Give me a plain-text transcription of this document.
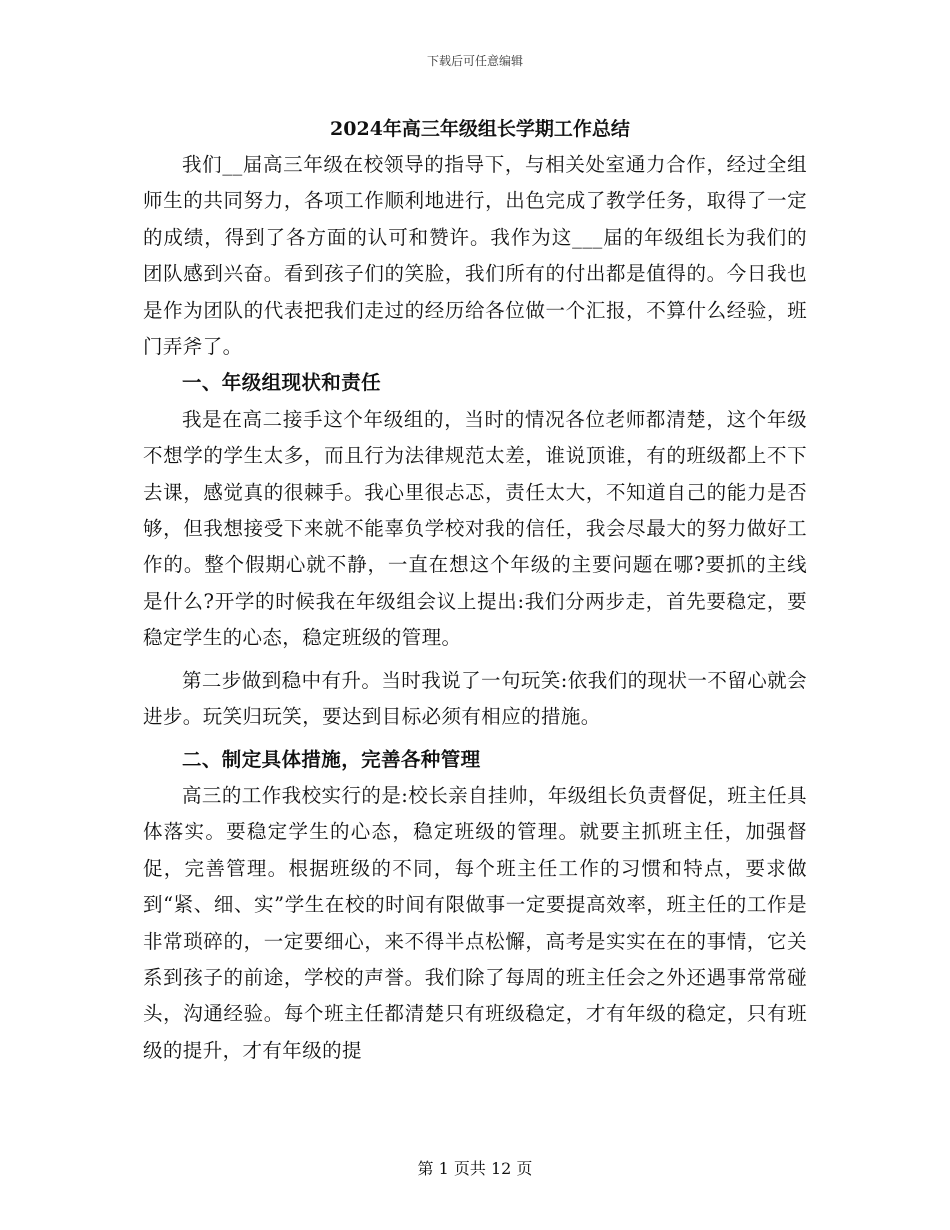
下载后可任意编辑
2024年高三年级组长学期工作总结

我们__届高三年级在校领导的指导下，与相关处室通力合作，经过全组师生的共同努力，各项工作顺利地进行，出色完成了教学任务，取得了一定的成绩，得到了各方面的认可和赞许。我作为这___届的年级组长为我们的团队感到兴奋。看到孩子们的笑脸，我们所有的付出都是值得的。今日我也是作为团队的代表把我们走过的经历给各位做一个汇报，不算什么经验，班门弄斧了。

一、年级组现状和责任

我是在高二接手这个年级组的，当时的情况各位老师都清楚，这个年级不想学的学生太多，而且行为法律规范太差，谁说顶谁，有的班级都上不下去课，感觉真的很棘手。我心里很忐忑，责任太大，不知道自己的能力是否够，但我想接受下来就不能辜负学校对我的信任，我会尽最大的努力做好工作的。整个假期心就不静，一直在想这个年级的主要问题在哪?要抓的主线是什么?开学的时候我在年级组会议上提出:我们分两步走，首先要稳定，要稳定学生的心态，稳定班级的管理。

第二步做到稳中有升。当时我说了一句玩笑:依我们的现状一不留心就会进步。玩笑归玩笑，要达到目标必须有相应的措施。

二、制定具体措施，完善各种管理

高三的工作我校实行的是:校长亲自挂帅，年级组长负责督促，班主任具体落实。要稳定学生的心态，稳定班级的管理。就要主抓班主任，加强督促，完善管理。根据班级的不同，每个班主任工作的习惯和特点，要求做到“紧、细、实”学生在校的时间有限做事一定要提高效率，班主任的工作是非常琐碎的，一定要细心，来不得半点松懈，高考是实实在在的事情，它关系到孩子的前途，学校的声誉。我们除了每周的班主任会之外还遇事常常碰头，沟通经验。每个班主任都清楚只有班级稳定，才有年级的稳定，只有班级的提升，才有年级的提

第 1 页共 12 页
